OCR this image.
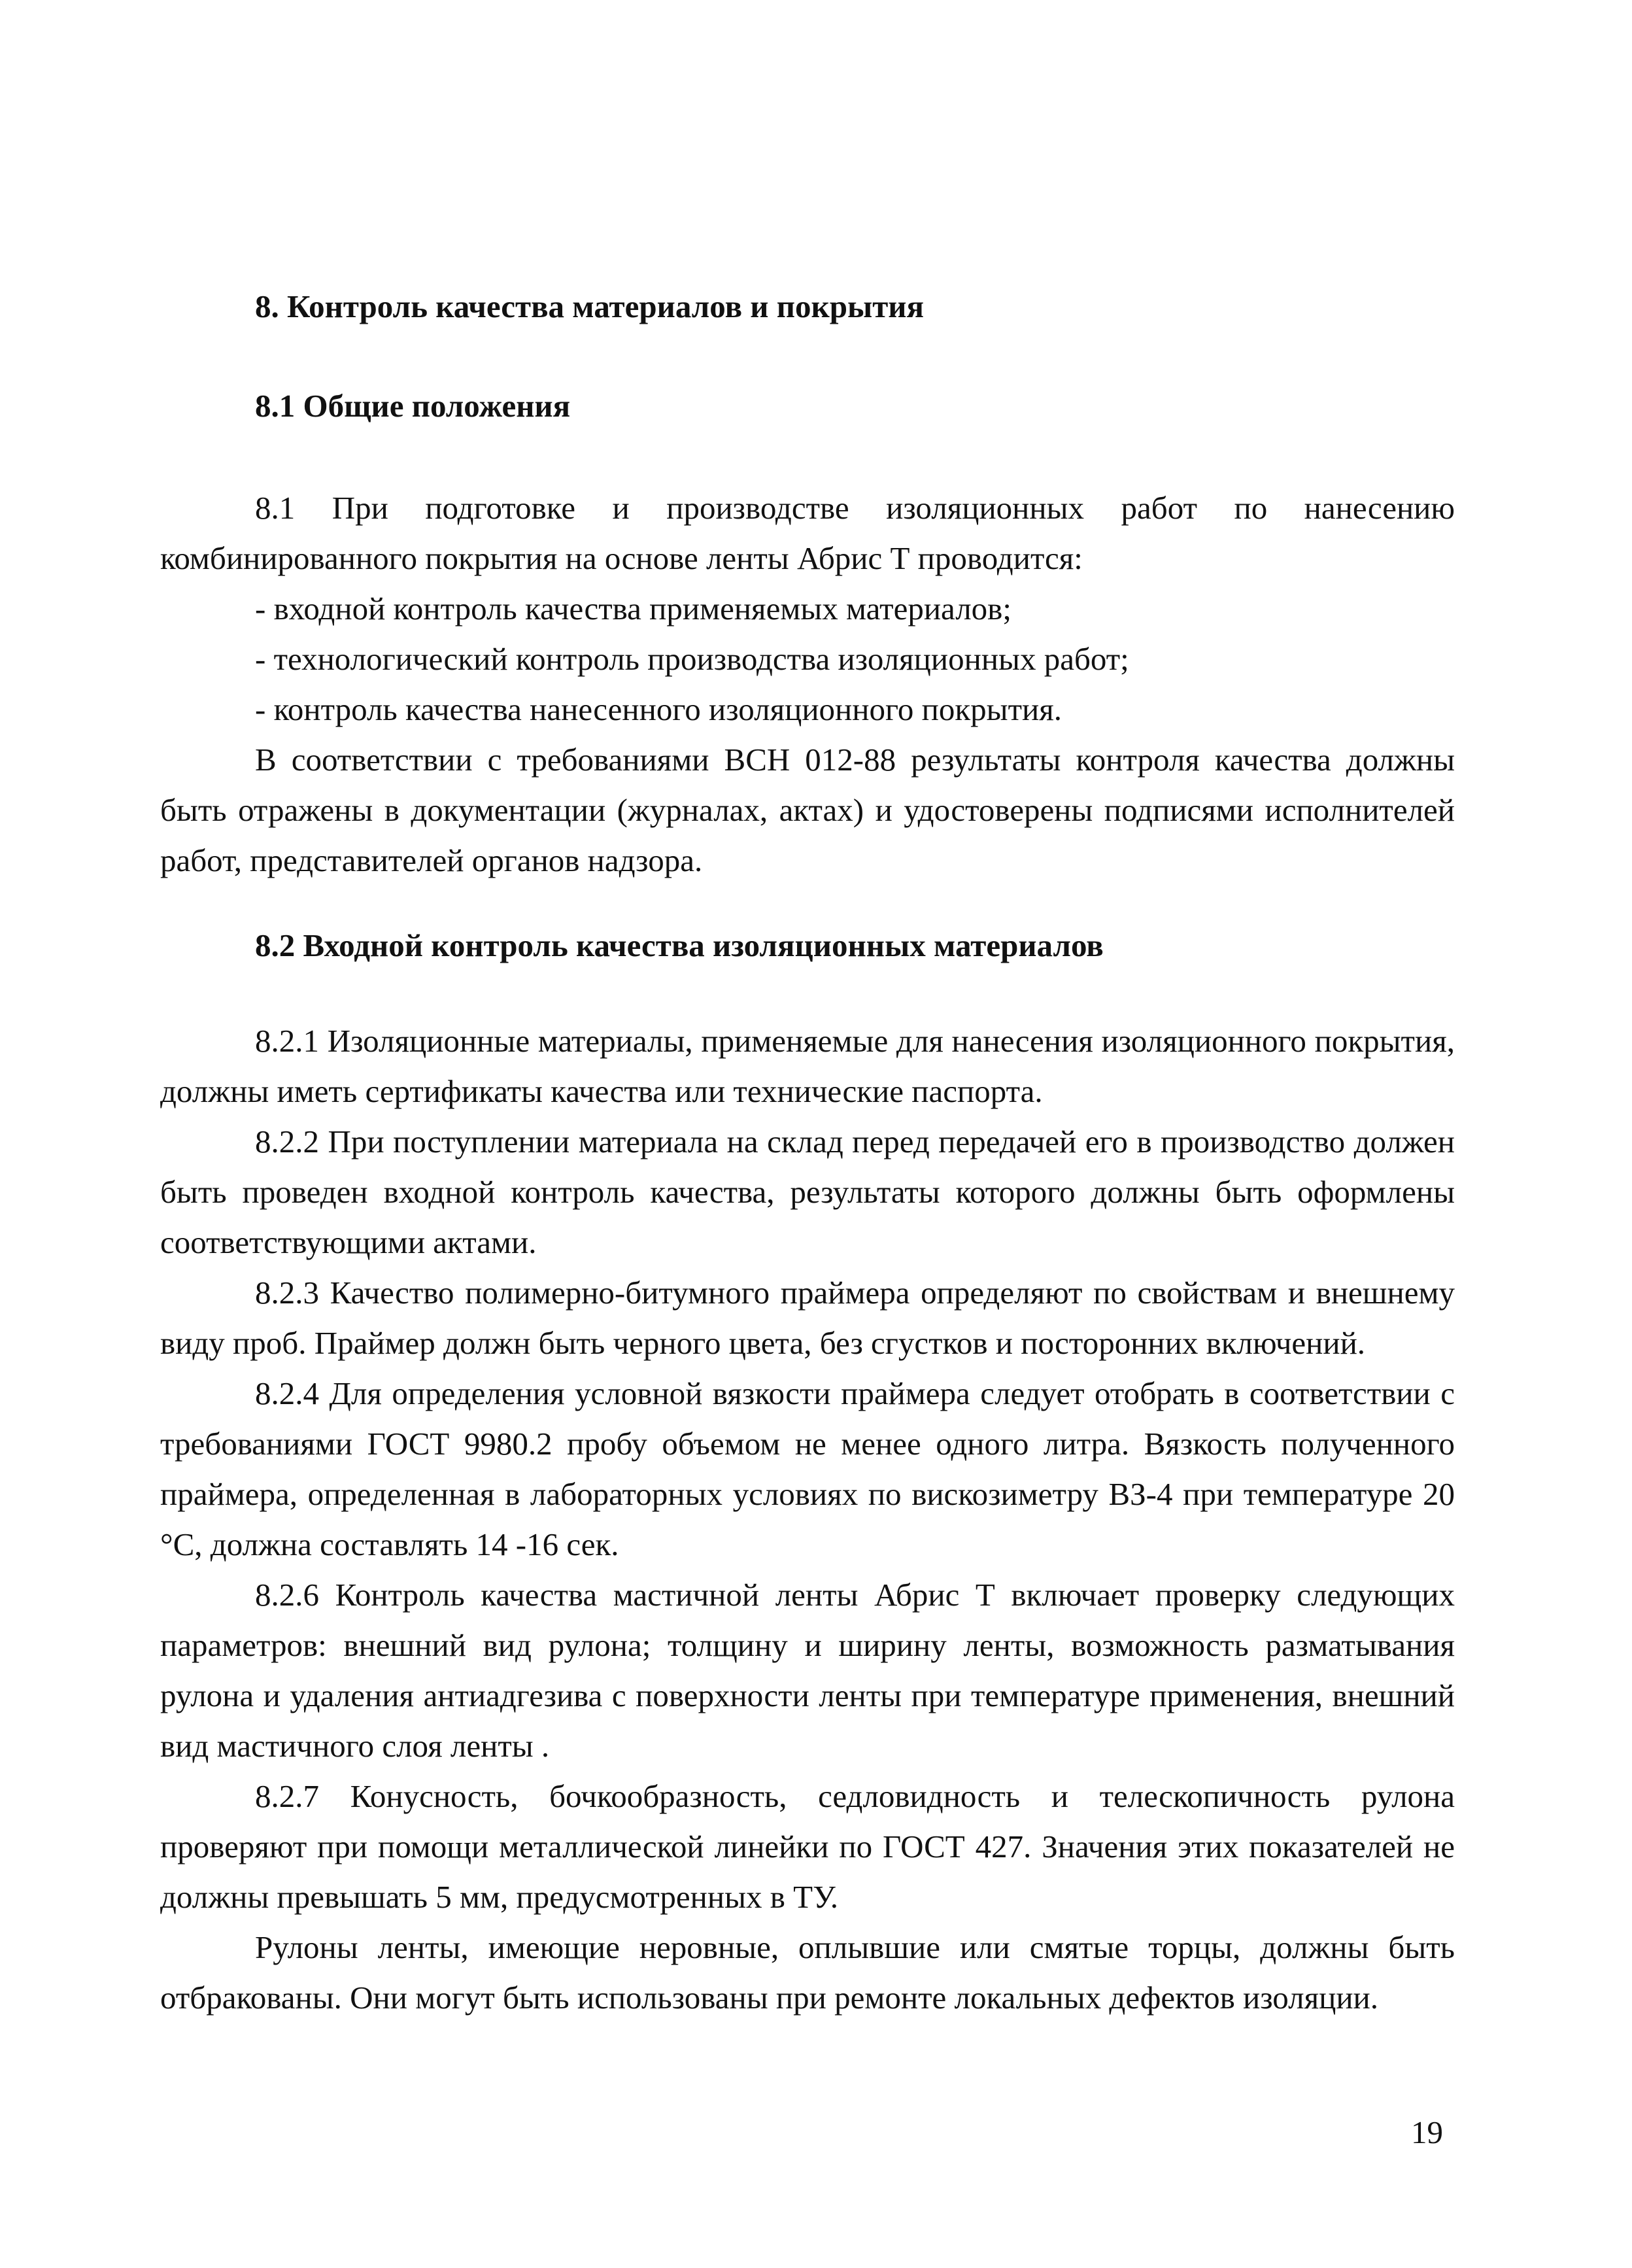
8. Контроль качества материалов и покрытия
8.1 Общие положения

8.1 При подготовке и производстве изоляционных работ по нанесению комбинированного покрытия на основе ленты Абрис Т проводится:

- входной контроль качества применяемых материалов;

- технологический контроль производства изоляционных работ;

- контроль качества нанесенного изоляционного покрытия.

В соответствии с требованиями ВСН 012-88 результаты контроля качества должны быть отражены в документации (журналах, актах) и удостоверены подписями исполнителей работ, представителей органов надзора.

8.2 Входной контроль качества изоляционных материалов

8.2.1 Изоляционные материалы, применяемые для нанесения изоляционного покрытия, должны иметь сертификаты качества или технические паспорта.

8.2.2 При поступлении материала на склад перед передачей его в производство должен быть проведен входной контроль качества, результаты которого должны быть оформлены соответствующими актами.

8.2.3 Качество полимерно-битумного праймера определяют по свойствам и внешнему виду проб. Праймер должн быть черного цвета, без сгустков и посторонних включений.

8.2.4 Для определения условной вязкости праймера следует отобрать в соответствии с требованиями ГОСТ 9980.2 пробу объемом не менее одного литра. Вязкость полученного праймера, определенная в лабораторных условиях по вискозиметру ВЗ-4 при температуре 20 °С, должна составлять 14 -16 сек.

8.2.6 Контроль качества мастичной ленты Абрис Т включает проверку следующих параметров: внешний вид рулона; толщину и ширину ленты, возможность разматывания рулона и удаления антиадгезива с поверхности ленты при температуре применения, внешний вид мастичного слоя ленты .

8.2.7 Конусность, бочкообразность, седловидность и телескопичность рулона проверяют при помощи металлической линейки по ГОСТ 427. Значения этих показателей не должны превышать 5 мм, предусмотренных в ТУ.

Рулоны ленты, имеющие неровные, оплывшие или смятые торцы, должны быть отбракованы. Они могут быть использованы при ремонте локальных дефектов изоляции.

19
